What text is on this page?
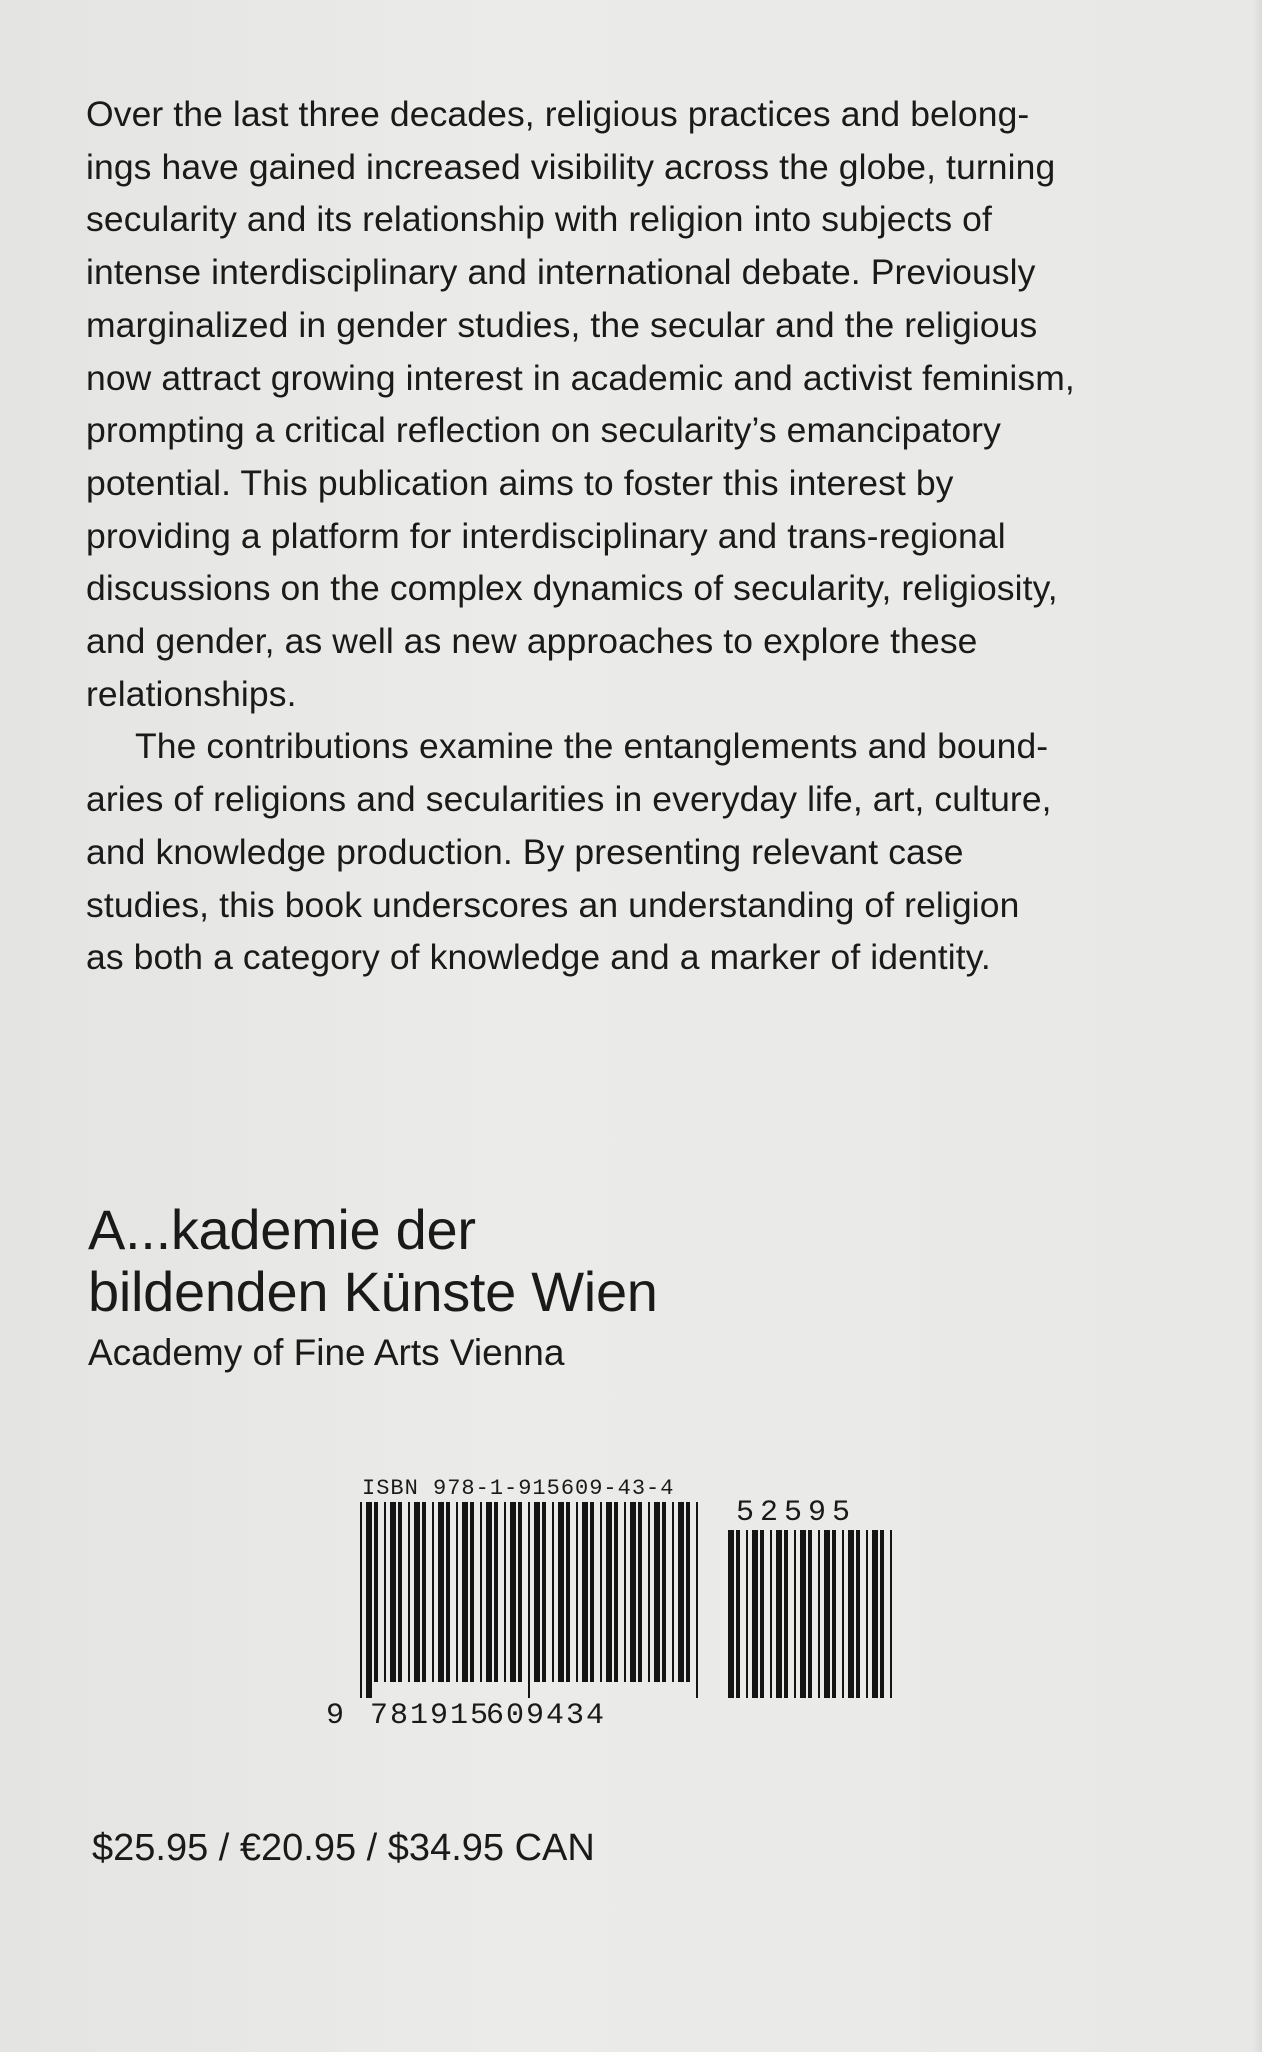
Over the last three decades, religious practices and belong-
ings have gained increased visibility across the globe, turning
secularity and its relationship with religion into subjects of
intense interdisciplinary and international debate. Previously
marginalized in gender studies, the secular and the religious
now attract growing interest in academic and activist feminism,
prompting a critical reflection on secularity’s emancipatory
potential. This publication aims to foster this interest by
providing a platform for interdisciplinary and trans-regional
discussions on the complex dynamics of secularity, religiosity,
and gender, as well as new approaches to explore these
relationships.

The contributions examine the entanglements and bound-
aries of religions and secularities in everyday life, art, culture,
and knowledge production. By presenting relevant case
studies, this book underscores an understanding of religion
as both a category of knowledge and a marker of identity.

A...kademie der
bildenden Künste Wien
Academy of Fine Arts Vienna
ISBN 978-1-915609-43-4
9 781915
609434
52595
$25.95 / €20.95 / $34.95 CAN
